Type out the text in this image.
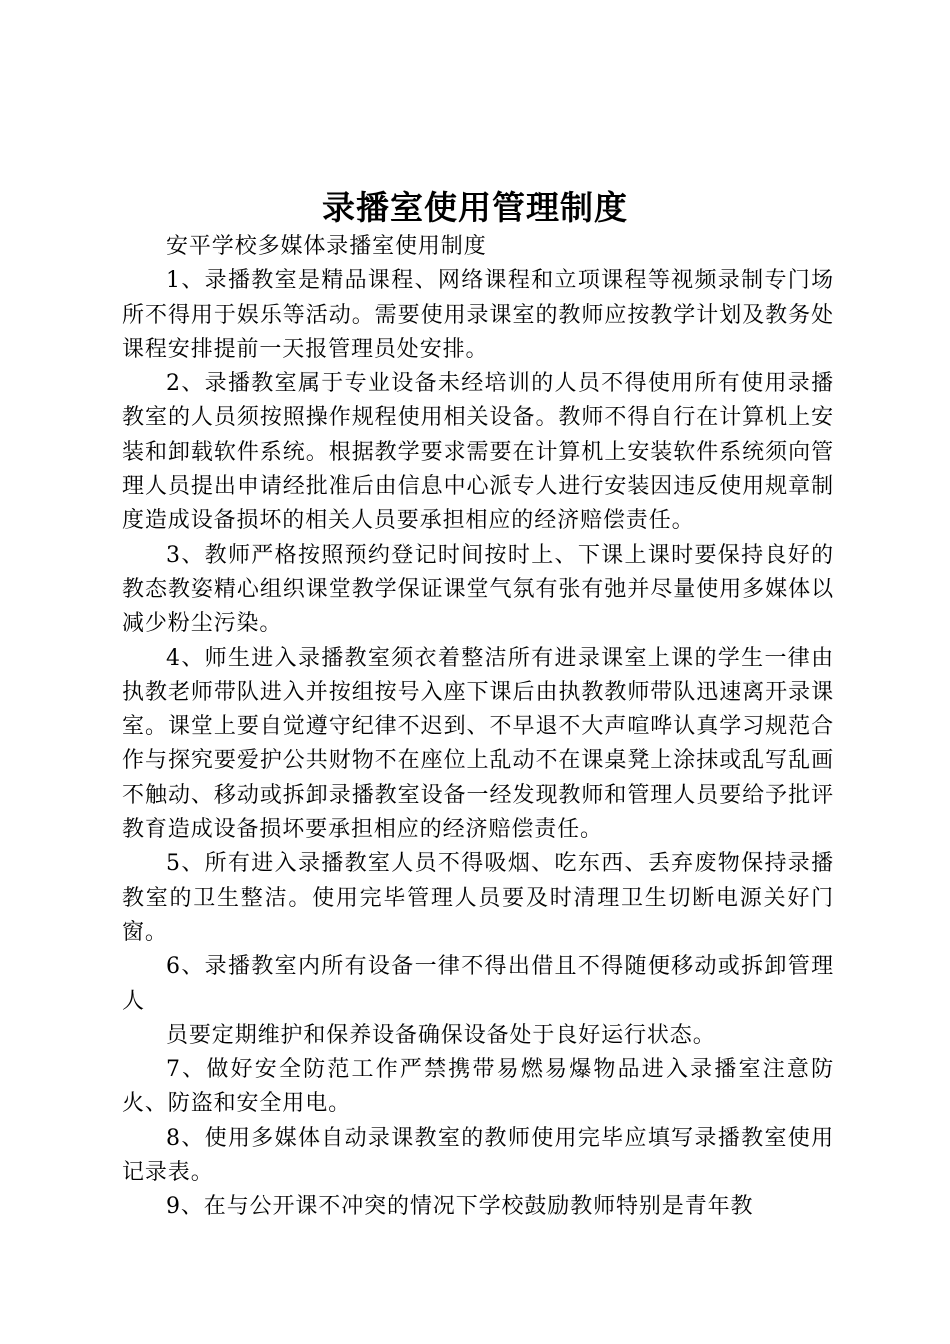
录播室使用管理制度

安平学校多媒体录播室使用制度

1、录播教室是精品课程、网络课程和立项课程等视频录制专门场所不得用于娱乐等活动。需要使用录课室的教师应按教学计划及教务处课程安排提前一天报管理员处安排。

2、录播教室属于专业设备未经培训的人员不得使用所有使用录播教室的人员须按照操作规程使用相关设备。教师不得自行在计算机上安装和卸载软件系统。根据教学要求需要在计算机上安装软件系统须向管理人员提出申请经批准后由信息中心派专人进行安装因违反使用规章制度造成设备损坏的相关人员要承担相应的经济赔偿责任。

3、教师严格按照预约登记时间按时上、下课上课时要保持良好的教态教姿精心组织课堂教学保证课堂气氛有张有弛并尽量使用多媒体以减少粉尘污染。

4、师生进入录播教室须衣着整洁所有进录课室上课的学生一律由执教老师带队进入并按组按号入座下课后由执教教师带队迅速离开录课室。课堂上要自觉遵守纪律不迟到、不早退不大声喧哗认真学习规范合作与探究要爱护公共财物不在座位上乱动不在课桌凳上涂抹或乱写乱画不触动、移动或拆卸录播教室设备一经发现教师和管理人员要给予批评教育造成设备损坏要承担相应的经济赔偿责任。

5、所有进入录播教室人员不得吸烟、吃东西、丢弃废物保持录播教室的卫生整洁。使用完毕管理人员要及时清理卫生切断电源关好门窗。

6、录播教室内所有设备一律不得出借且不得随便移动或拆卸管理人

员要定期维护和保养设备确保设备处于良好运行状态。

7、做好安全防范工作严禁携带易燃易爆物品进入录播室注意防火、防盗和安全用电。

8、使用多媒体自动录课教室的教师使用完毕应填写录播教室使用记录表。

9、在与公开课不冲突的情况下学校鼓励教师特别是青年教
